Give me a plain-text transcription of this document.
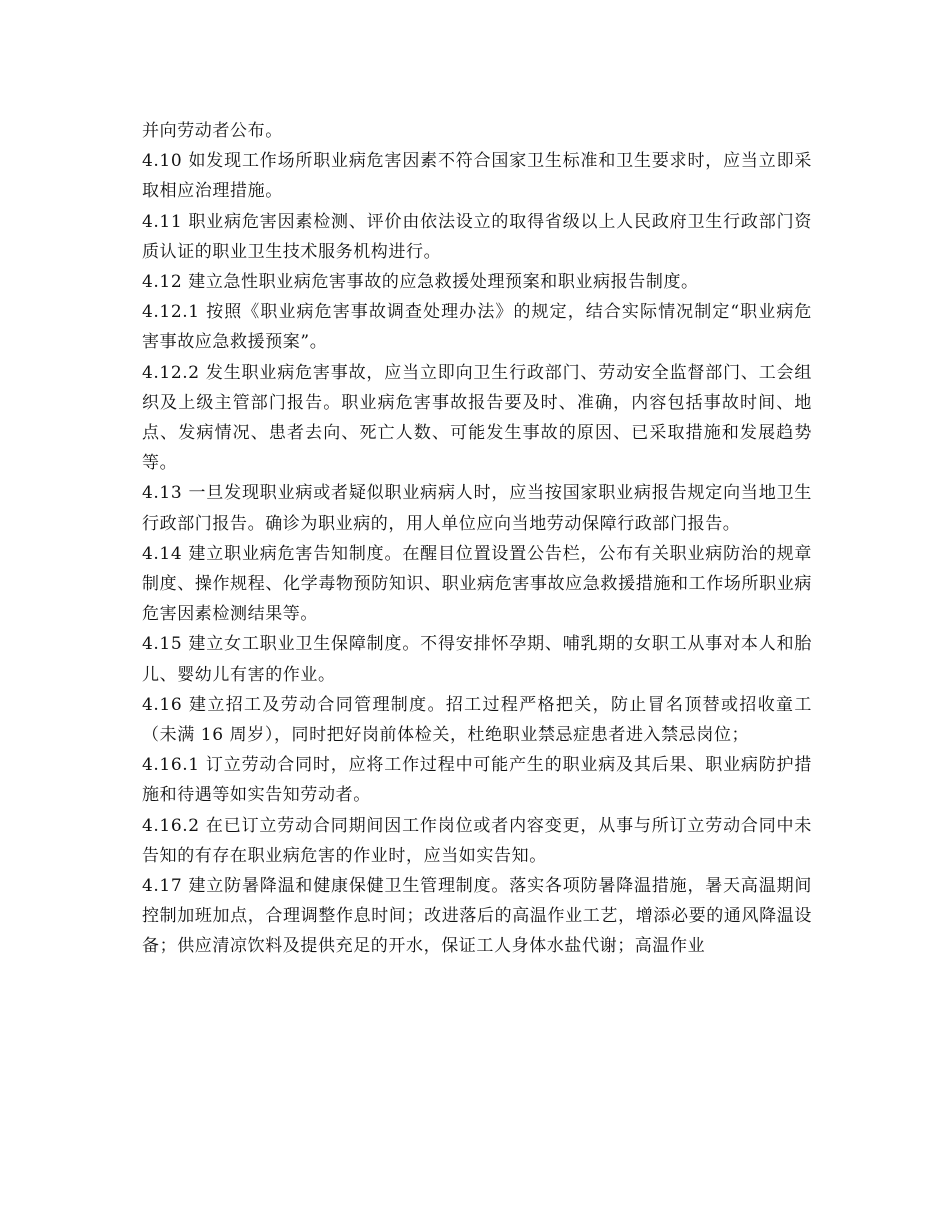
并向劳动者公布。

4.10 如发现工作场所职业病危害因素不符合国家卫生标准和卫生要求时，应当立即采取相应治理措施。

4.11 职业病危害因素检测、评价由依法设立的取得省级以上人民政府卫生行政部门资质认证的职业卫生技术服务机构进行。

4.12 建立急性职业病危害事故的应急救援处理预案和职业病报告制度。

4.12.1 按照《职业病危害事故调查处理办法》的规定，结合实际情况制定“职业病危害事故应急救援预案”。

4.12.2 发生职业病危害事故，应当立即向卫生行政部门、劳动安全监督部门、工会组织及上级主管部门报告。职业病危害事故报告要及时、准确，内容包括事故时间、地点、发病情况、患者去向、死亡人数、可能发生事故的原因、已采取措施和发展趋势等。

4.13 一旦发现职业病或者疑似职业病病人时，应当按国家职业病报告规定向当地卫生行政部门报告。确诊为职业病的，用人单位应向当地劳动保障行政部门报告。

4.14 建立职业病危害告知制度。在醒目位置设置公告栏，公布有关职业病防治的规章制度、操作规程、化学毒物预防知识、职业病危害事故应急救援措施和工作场所职业病危害因素检测结果等。

4.15 建立女工职业卫生保障制度。不得安排怀孕期、哺乳期的女职工从事对本人和胎儿、婴幼儿有害的作业。

4.16 建立招工及劳动合同管理制度。招工过程严格把关，防止冒名顶替或招收童工（未满 16 周岁），同时把好岗前体检关，杜绝职业禁忌症患者进入禁忌岗位；

4.16.1 订立劳动合同时，应将工作过程中可能产生的职业病及其后果、职业病防护措施和待遇等如实告知劳动者。

4.16.2 在已订立劳动合同期间因工作岗位或者内容变更，从事与所订立劳动合同中未告知的有存在职业病危害的作业时，应当如实告知。

4.17 建立防暑降温和健康保健卫生管理制度。落实各项防暑降温措施，暑天高温期间控制加班加点，合理调整作息时间；改进落后的高温作业工艺，增添必要的通风降温设备；供应清凉饮料及提供充足的开水，保证工人身体水盐代谢；高温作业
